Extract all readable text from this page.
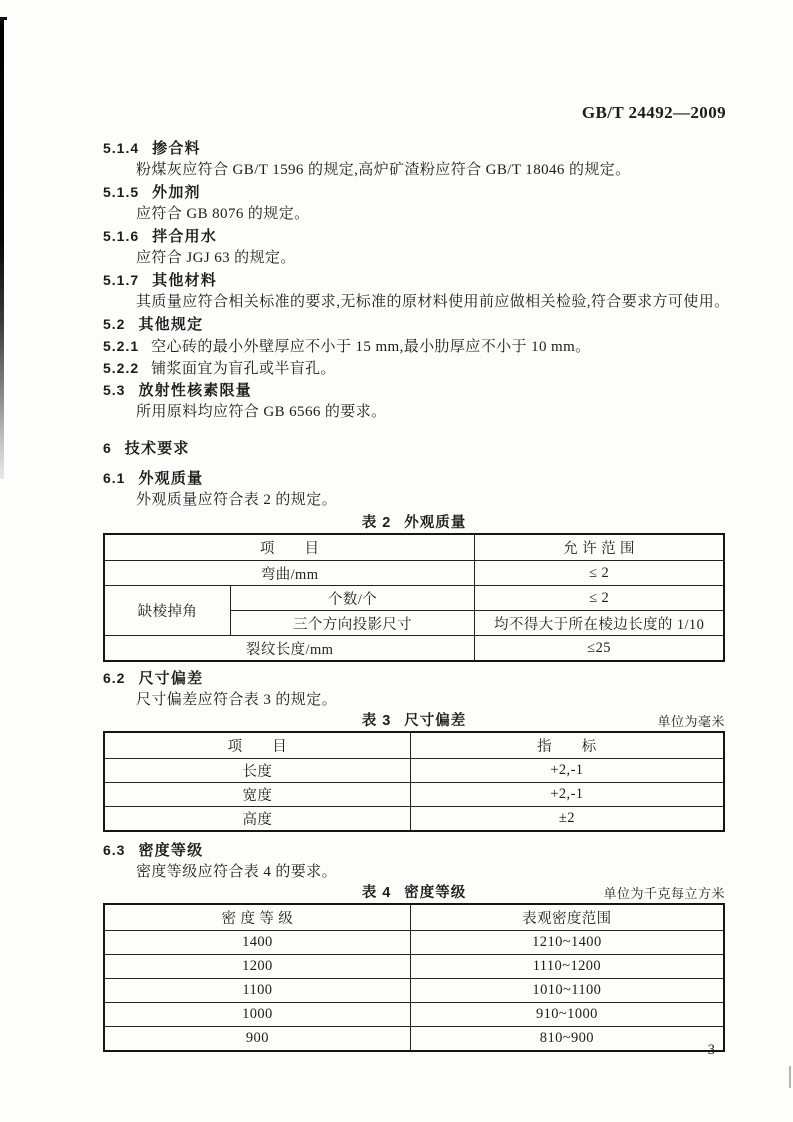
GB/T 24492—2009
5.1.4 掺合料
粉煤灰应符合 GB/T 1596 的规定,高炉矿渣粉应符合 GB/T 18046 的规定。
5.1.5 外加剂
应符合 GB 8076 的规定。
5.1.6 拌合用水
应符合 JGJ 63 的规定。
5.1.7 其他材料
其质量应符合相关标准的要求,无标准的原材料使用前应做相关检验,符合要求方可使用。
5.2 其他规定
5.2.1 空心砖的最小外壁厚应不小于 15 mm,最小肋厚应不小于 10 mm。
5.2.2 铺浆面宜为盲孔或半盲孔。
5.3 放射性核素限量
所用原料均应符合 GB 6566 的要求。
6 技术要求
6.1 外观质量
外观质量应符合表 2 的规定。
表 2 外观质量
项　　目		允 许 范 围
弯曲/mm		≤ 2
缺棱掉角	个数/个	≤ 2
	三个方向投影尺寸	均不得大于所在棱边长度的 1/10
裂纹长度/mm		≤25
6.2 尺寸偏差
尺寸偏差应符合表 3 的规定。
表 3 尺寸偏差	单位为毫米
项　　目	指　　标
长度	+2,-1
宽度	+2,-1
高度	±2
6.3 密度等级
密度等级应符合表 4 的要求。
表 4 密度等级	单位为千克每立方米
密 度 等 级	表观密度范围
1400	1210~1400
1200	1110~1200
1100	1010~1100
1000	910~1000
900	810~900
3
